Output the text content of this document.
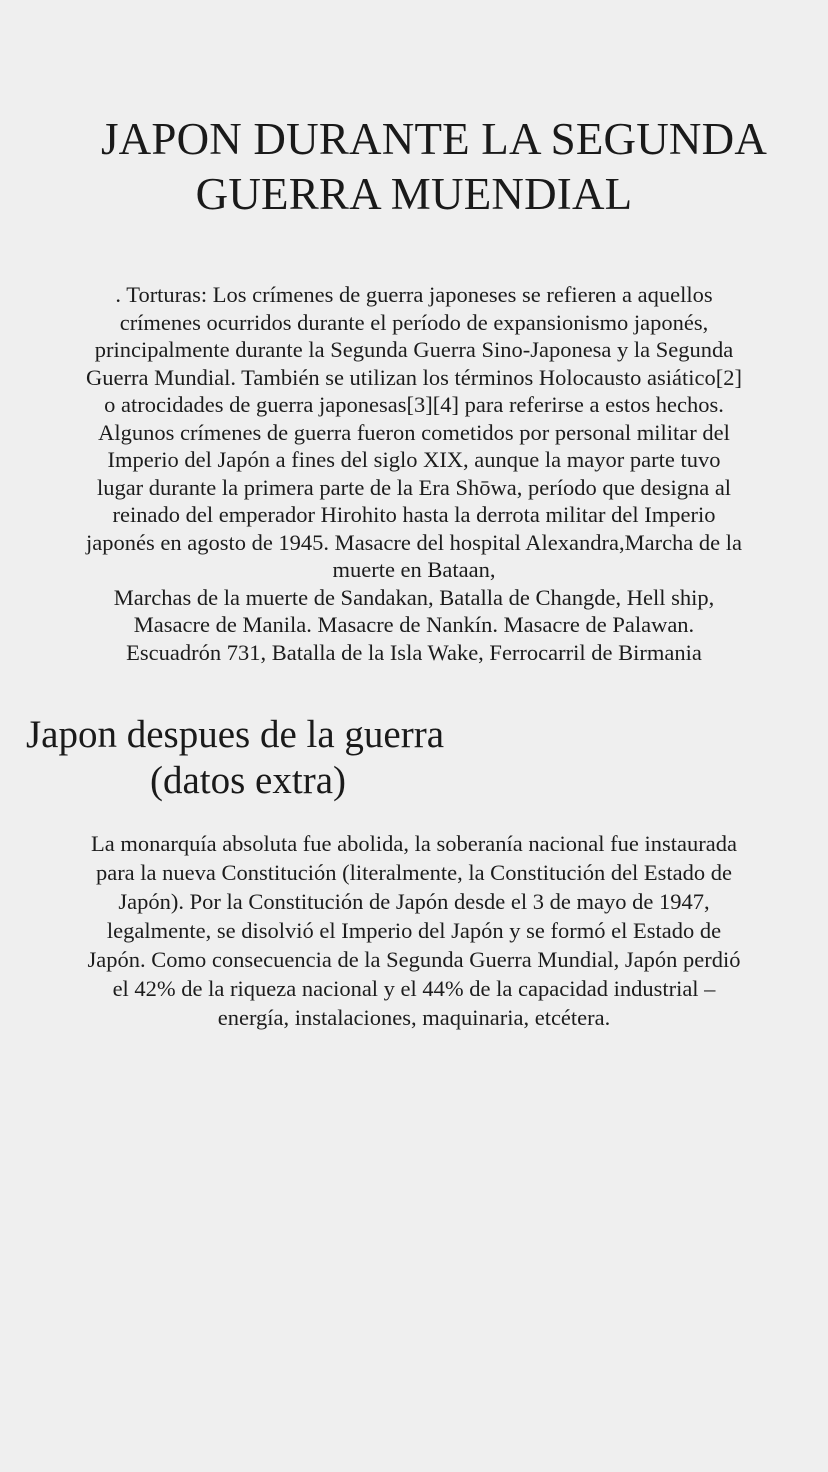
JAPON DURANTE LA SEGUNDA
GUERRA MUENDIAL
. Torturas: Los crímenes de guerra japoneses se refieren a aquellos
crímenes ocurridos durante el período de expansionismo japonés,
principalmente durante la Segunda Guerra Sino-Japonesa y la Segunda
Guerra Mundial. También se utilizan los términos Holocausto asiático[2]
o atrocidades de guerra japonesas[3][4] para referirse a estos hechos.
Algunos crímenes de guerra fueron cometidos por personal militar del
Imperio del Japón a fines del siglo XIX, aunque la mayor parte tuvo
lugar durante la primera parte de la Era Shōwa, período que designa al
reinado del emperador Hirohito hasta la derrota militar del Imperio
japonés en agosto de 1945. Masacre del hospital Alexandra,Marcha de la
muerte en Bataan,
Marchas de la muerte de Sandakan, Batalla de Changde, Hell ship,
Masacre de Manila. Masacre de Nankín. Masacre de Palawan.
Escuadrón 731, Batalla de la Isla Wake, Ferrocarril de Birmania
Japon despues de la guerra
(datos extra)
La monarquía absoluta fue abolida, la soberanía nacional fue instaurada
para la nueva Constitución (literalmente, la Constitución del Estado de
Japón). Por la Constitución de Japón desde el 3 de mayo de 1947,
legalmente, se disolvió el Imperio del Japón y se formó el Estado de
Japón. Como consecuencia de la Segunda Guerra Mundial, Japón perdió
el 42% de la riqueza nacional y el 44% de la capacidad industrial –
energía, instalaciones, maquinaria, etcétera.
